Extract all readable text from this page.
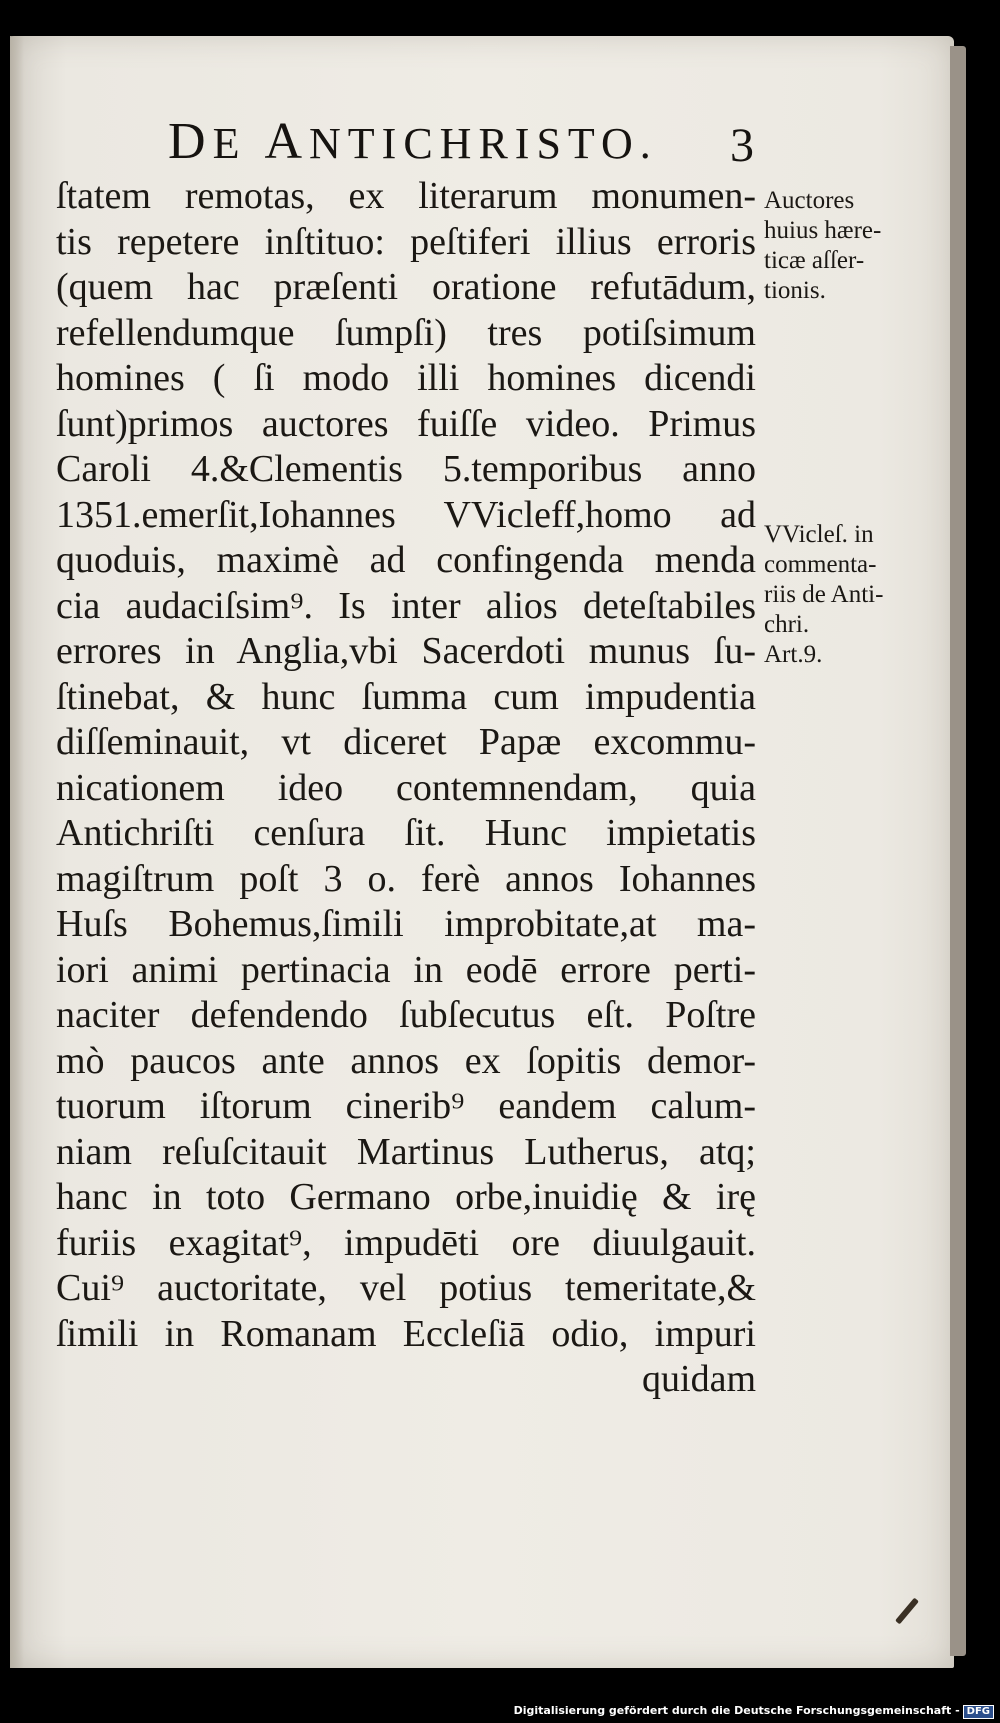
DE ANTICHRISTO. 3
ſtatem remotas, ex literarum monumen-
tis repetere inſtituo: peſtiferi illius erroris
(quem hac præſenti oratione refutādum,
refellendumque ſumpſi) tres potiſsimum
homines ( ſi modo illi homines dicendi
ſunt)primos auctores fuiſſe video. Primus
Caroli 4.&Clementis 5.temporibus anno
1351.emerſit,Iohannes VVicleff,homo ad
quoduis, maximè ad confingenda menda
cia audaciſsim⁹. Is inter alios deteſtabiles
errores in Anglia,vbi Sacerdoti munus ſu-
ſtinebat, & hunc ſumma cum impudentia
diſſeminauit, vt diceret Papæ excommu-
nicationem ideo contemnendam, quia
Antichriſti cenſura ſit. Hunc impietatis
magiſtrum poſt 3 o. ferè annos Iohannes
Huſs Bohemus,ſimili improbitate,at ma-
iori animi pertinacia in eodē errore perti-
naciter defendendo ſubſecutus eſt. Poſtre
mò paucos ante annos ex ſopitis demor-
tuorum iſtorum cinerib⁹ eandem calum-
niam reſuſcitauit Martinus Lutherus, atq;
hanc in toto Germano orbe,inuidię & irę
furiis exagitat⁹, impudēti ore diuulgauit.
Cui⁹ auctoritate, vel potius temeritate,&
ſimili in Romanam Eccleſiā odio, impuri
quidam
Auctores
huius hære-
ticæ aſſer-
tionis.
VVicleſ. in
commenta-
riis de Anti-
chri.
Art.9.
Digitalisierung gefördert durch die Deutsche Forschungsgemeinschaft - DFG
